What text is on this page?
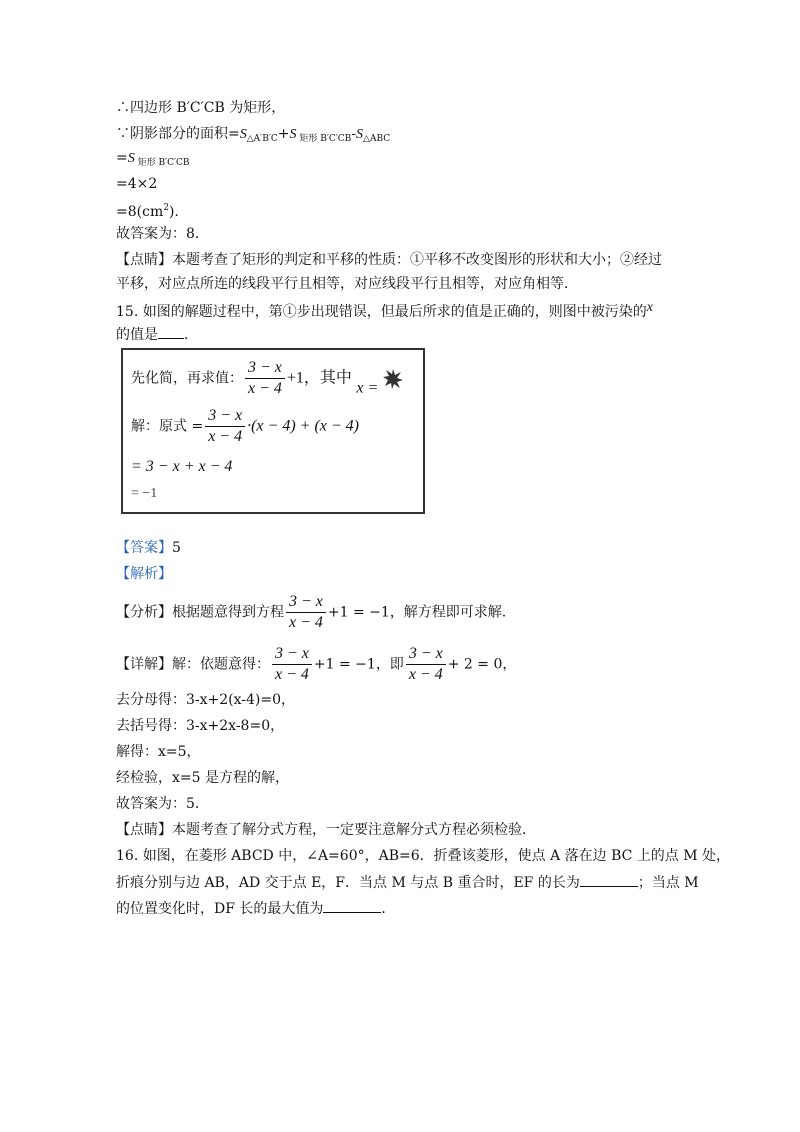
∴四边形 B′C′CB 为矩形，
∵阴影部分的面积$=S_{\triangle A'B'C}+S$ $_{矩形 B'C'CB}-S_{\triangle ABC}$
=S $_{矩形 B'C'CB}$
=4×2
$=8(cm^2)$.
故答案为：8．
【点睛】本题考查了矩形的判定和平移的性质：①平移不改变图形的形状和大小；②经过
平移，对应点所连的线段平行且相等，对应线段平行且相等，对应角相等．
15. 如图的解题过程中，第①步出现错误，但最后所求的值是正确的，则图中被污染的x
的值是 ．
先化简，再求值： $\frac{3 - x}{x - 4} +1$，其中 x =
解：原式 = $\frac{3 - x}{x - 4} \cdot(x - 4) + (x - 4)$
= 3 − x + x − 4
= −1
【答案】5
【解析】
【分析】根据题意得到方程 $\frac{3 - x}{x - 4} +1 = -1$，解方程即可求解.
【详解】解：依题意得： $\frac{3 - x}{x - 4} +1 = -1$，即 $\frac{3 - x}{x - 4} + 2 = 0$，
去分母得：3-x+2(x-4)=0，
去括号得：3-x+2x-8=0，
解得：x=5，
经检验，x=5 是方程的解，
故答案为：5．
【点睛】本题考查了解分式方程，一定要注意解分式方程必须检验．
16. 如图，在菱形 ABCD 中，∠A=60°，AB=6．折叠该菱形，使点 A 落在边 BC 上的点 M 处，
折痕分别与边 AB，AD 交于点 E，F．当点 M 与点 B 重合时，EF 的长为	；当点 M
的位置变化时，DF 长的最大值为	．
